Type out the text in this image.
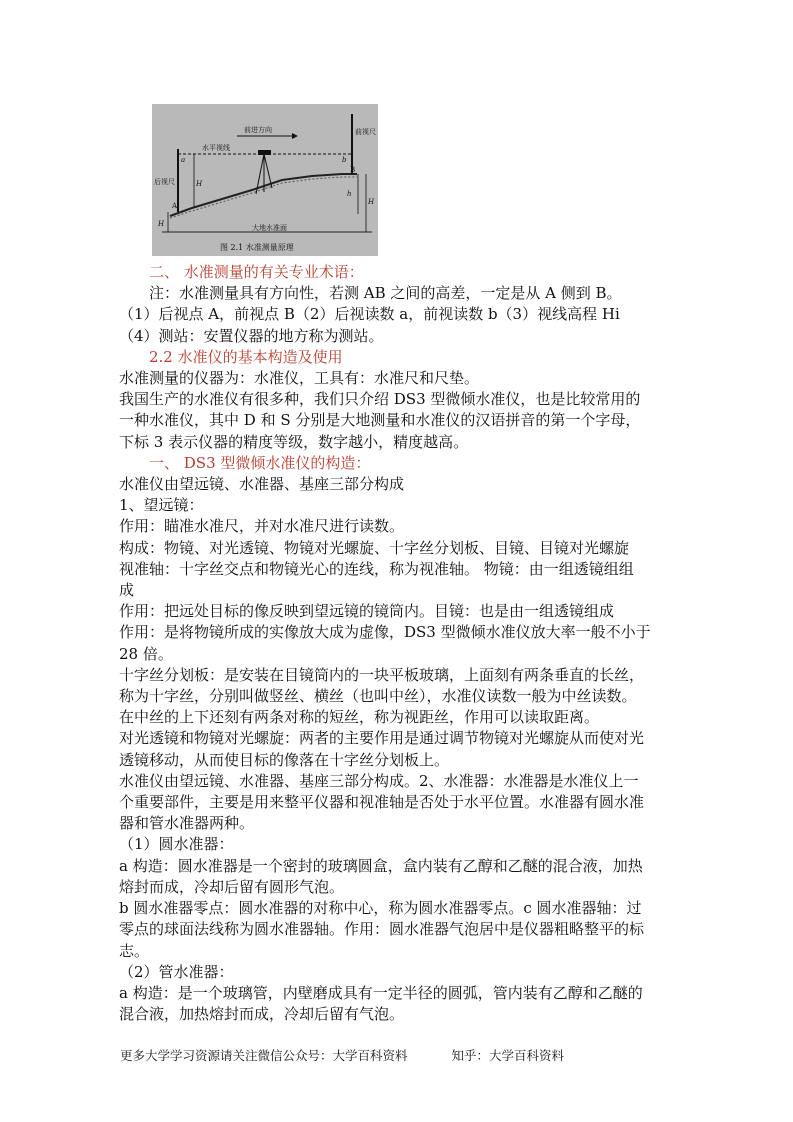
大地水准面
后视尺
前视尺
水平视线
前进方向
H
H
H
h
a	b
A
B
图 2.1 水准测量原理

二、 水准测量的有关专业术语：

注：水准测量具有方向性，若测 AB 之间的高差，一定是从 A 侧到 B。

（1）后视点 A，前视点 B（2）后视读数 a，前视读数 b（3）视线高程 Hi

（4）测站：安置仪器的地方称为测站。

2.2 水准仪的基本构造及使用

水准测量的仪器为：水准仪，工具有：水准尺和尺垫。

我国生产的水准仪有很多种，我们只介绍 DS3 型微倾水准仪，也是比较常用的

一种水准仪，其中 D 和 S 分别是大地测量和水准仪的汉语拼音的第一个字母，

下标 3 表示仪器的精度等级，数字越小，精度越高。

一、 DS3 型微倾水准仪的构造：

水准仪由望远镜、水准器、基座三部分构成

1、望远镜：

作用：瞄准水准尺，并对水准尺进行读数。

构成：物镜、对光透镜、物镜对光螺旋、十字丝分划板、目镜、目镜对光螺旋

视准轴：十字丝交点和物镜光心的连线，称为视准轴。 物镜：由一组透镜组组

成

作用：把远处目标的像反映到望远镜的镜筒内。目镜：也是由一组透镜组成

作用：是将物镜所成的实像放大成为虚像，DS3 型微倾水准仪放大率一般不小于

28 倍。

十字丝分划板：是安装在目镜筒内的一块平板玻璃，上面刻有两条垂直的长丝，

称为十字丝，分别叫做竖丝、横丝（也叫中丝），水准仪读数一般为中丝读数。

在中丝的上下还刻有两条对称的短丝，称为视距丝，作用可以读取距离。

对光透镜和物镜对光螺旋：两者的主要作用是通过调节物镜对光螺旋从而使对光

透镜移动，从而使目标的像落在十字丝分划板上。

水准仪由望远镜、水准器、基座三部分构成。2、水准器：水准器是水准仪上一

个重要部件，主要是用来整平仪器和视准轴是否处于水平位置。水准器有圆水准

器和管水准器两种。

（1）圆水准器：

a 构造：圆水准器是一个密封的玻璃圆盒，盒内装有乙醇和乙醚的混合液，加热

熔封而成，冷却后留有圆形气泡。

b 圆水准器零点：圆水准器的对称中心，称为圆水准器零点。c 圆水准器轴：过

零点的球面法线称为圆水准器轴。作用：圆水准器气泡居中是仪器粗略整平的标

志。

（2）管水准器：

a 构造：是一个玻璃管，内壁磨成具有一定半径的圆弧，管内装有乙醇和乙醚的

混合液，加热熔封而成，冷却后留有气泡。

更多大学学习资源请关注微信公众号：大学百科资料	知乎：大学百科资料
